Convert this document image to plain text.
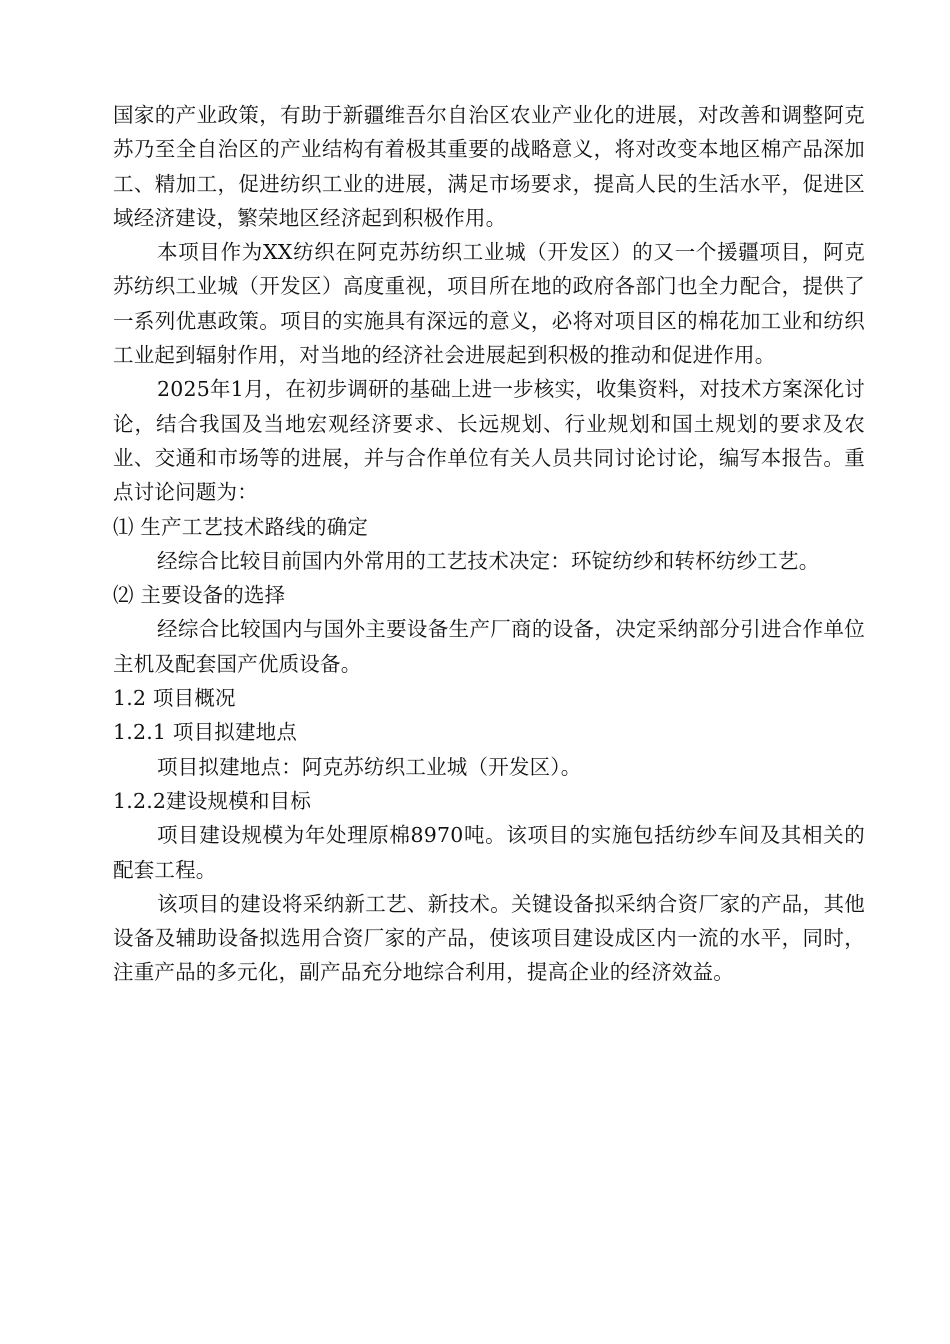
国家的产业政策，有助于新疆维吾尔自治区农业产业化的进展，对改善和调整阿克苏乃至全自治区的产业结构有着极其重要的战略意义，将对改变本地区棉产品深加工、精加工，促进纺织工业的进展，满足市场要求，提高人民的生活水平，促进区域经济建设，繁荣地区经济起到积极作用。

本项目作为XX纺织在阿克苏纺织工业城（开发区）的又一个援疆项目，阿克苏纺织工业城（开发区）高度重视，项目所在地的政府各部门也全力配合，提供了一系列优惠政策。项目的实施具有深远的意义，必将对项目区的棉花加工业和纺织工业起到辐射作用，对当地的经济社会进展起到积极的推动和促进作用。

2025年1月，在初步调研的基础上进一步核实，收集资料，对技术方案深化讨论，结合我国及当地宏观经济要求、长远规划、行业规划和国土规划的要求及农业、交通和市场等的进展，并与合作单位有关人员共同讨论讨论，编写本报告。重点讨论问题为：

⑴ 生产工艺技术路线的确定

经综合比较目前国内外常用的工艺技术决定：环锭纺纱和转杯纺纱工艺。

⑵ 主要设备的选择

经综合比较国内与国外主要设备生产厂商的设备，决定采纳部分引进合作单位主机及配套国产优质设备。

1.2 项目概况

1.2.1 项目拟建地点

项目拟建地点：阿克苏纺织工业城（开发区）。

1.2.2建设规模和目标

项目建设规模为年处理原棉8970吨。该项目的实施包括纺纱车间及其相关的配套工程。

该项目的建设将采纳新工艺、新技术。关键设备拟采纳合资厂家的产品，其他设备及辅助设备拟选用合资厂家的产品，使该项目建设成区内一流的水平，同时，注重产品的多元化，副产品充分地综合利用，提高企业的经济效益。
